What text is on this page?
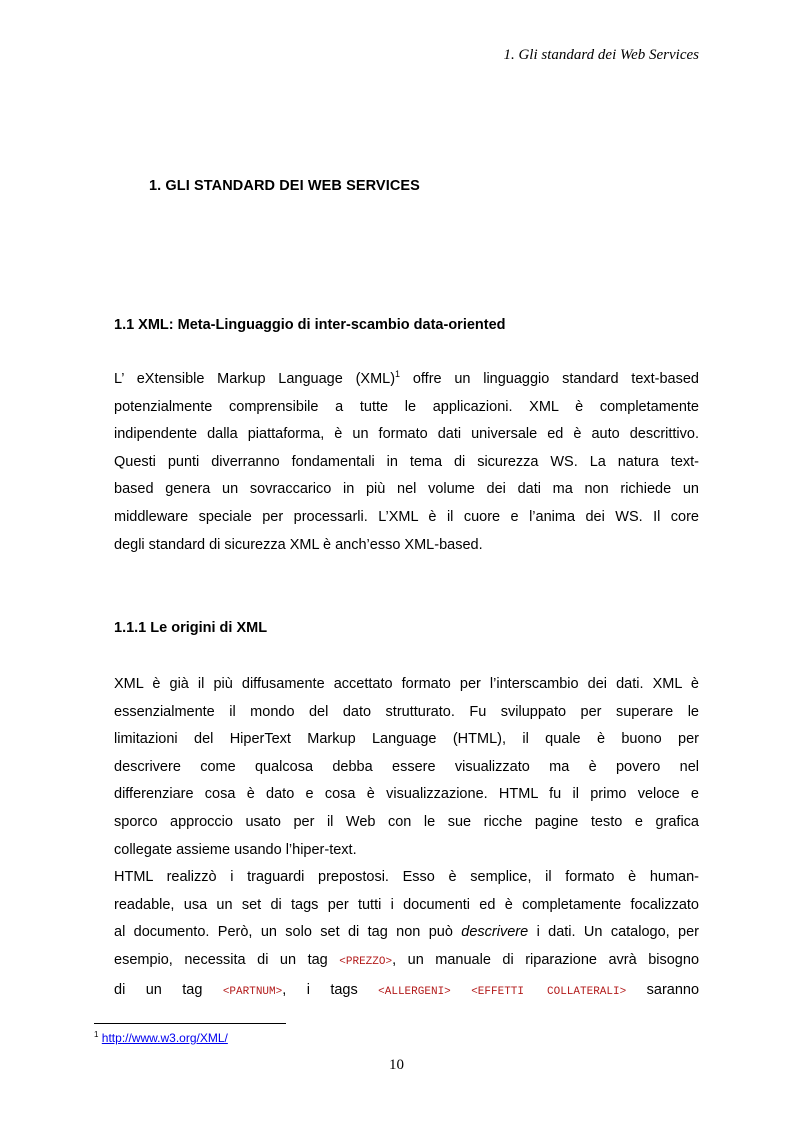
1. Gli standard dei Web Services
1. GLI STANDARD DEI WEB SERVICES
1.1 XML: Meta-Linguaggio di inter-scambio data-oriented
L’ eXtensible Markup Language (XML)$^1$ offre un linguaggio standard text-based
potenzialmente comprensibile a tutte le applicazioni. XML è completamente
indipendente dalla piattaforma, è un formato dati universale ed è auto descrittivo.
Questi punti diverranno fondamentali in tema di sicurezza WS. La natura text-
based genera un sovraccarico in più nel volume dei dati ma non richiede un
middleware speciale per processarli. L’XML è il cuore e l’anima dei WS. Il core
degli standard di sicurezza XML è anch’esso XML-based.
1.1.1 Le origini di XML
XML è già il più diffusamente accettato formato per l’interscambio dei dati. XML è
essenzialmente il mondo del dato strutturato. Fu sviluppato per superare le
limitazioni del HiperText Markup Language (HTML), il quale è buono per
descrivere come qualcosa debba essere visualizzato ma è povero nel
differenziare cosa è dato e cosa è visualizzazione. HTML fu il primo veloce e
sporco approccio usato per il Web con le sue ricche pagine testo e grafica
collegate assieme usando l’hiper-text.
HTML realizzò i traguardi prepostosi. Esso è semplice, il formato è human-
readable, usa un set di tags per tutti i documenti ed è completamente focalizzato
al documento. Però, un solo set di tag non può descrivere i dati. Un catalogo, per
esempio, necessita di un tag <PREZZO>, un manuale di riparazione avrà bisogno
di un tag <PARTNUM>, i tags <ALLERGENI> <EFFETTI COLLATERALI> saranno
$^1$ http://www.w3.org/XML/
10
